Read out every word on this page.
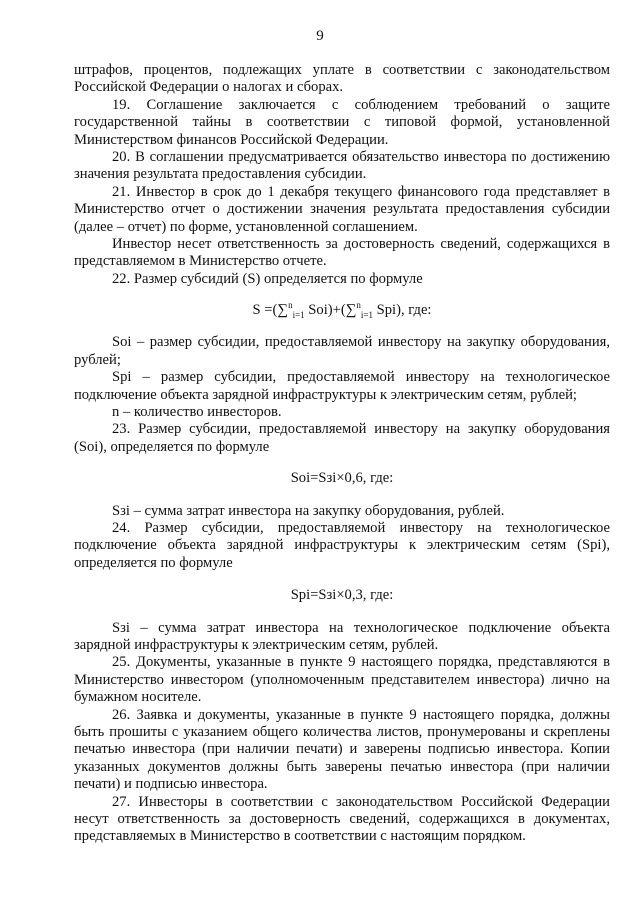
9

штрафов, процентов, подлежащих уплате в соответствии с законодательством Российской Федерации о налогах и сборах.

19. Соглашение заключается с соблюдением требований о защите государственной тайны в соответствии с типовой формой, установленной Министерством финансов Российской Федерации.

20. В соглашении предусматривается обязательство инвестора по достижению значения результата предоставления субсидии.

21. Инвестор в срок до 1 декабря текущего финансового года представляет в Министерство отчет о достижении значения результата предоставления субсидии (далее – отчет) по форме, установленной соглашением.

Инвестор несет ответственность за достоверность сведений, содержащихся в представляемом в Министерство отчете.

22. Размер субсидий (S) определяется по формуле

S =(∑$^n_{i=1}$ Soi)+(∑$^n_{i=1}$ Spi), где:

Soi – размер субсидии, предоставляемой инвестору на закупку оборудования, рублей;

Spi – размер субсидии, предоставляемой инвестору на технологическое подключение объекта зарядной инфраструктуры к электрическим сетям, рублей;

n – количество инвесторов.

23. Размер субсидии, предоставляемой инвестору на закупку оборудования (Soi), определяется по формуле

Soi=Sзi×0,6, где:

Sзi – сумма затрат инвестора на закупку оборудования, рублей.

24. Размер субсидии, предоставляемой инвестору на технологическое подключение объекта зарядной инфраструктуры к электрическим сетям (Spi), определяется по формуле

Spi=Sзi×0,3, где:

Sзi – сумма затрат инвестора на технологическое подключение объекта зарядной инфраструктуры к электрическим сетям, рублей.

25. Документы, указанные в пункте 9 настоящего порядка, представляются в Министерство инвестором (уполномоченным представителем инвестора) лично на бумажном носителе.

26. Заявка и документы, указанные в пункте 9 настоящего порядка, должны быть прошиты с указанием общего количества листов, пронумерованы и скреплены печатью инвестора (при наличии печати) и заверены подписью инвестора. Копии указанных документов должны быть заверены печатью инвестора (при наличии печати) и подписью инвестора.

27. Инвесторы в соответствии с законодательством Российской Федерации несут ответственность за достоверность сведений, содержащихся в документах, представляемых в Министерство в соответствии с настоящим порядком.
